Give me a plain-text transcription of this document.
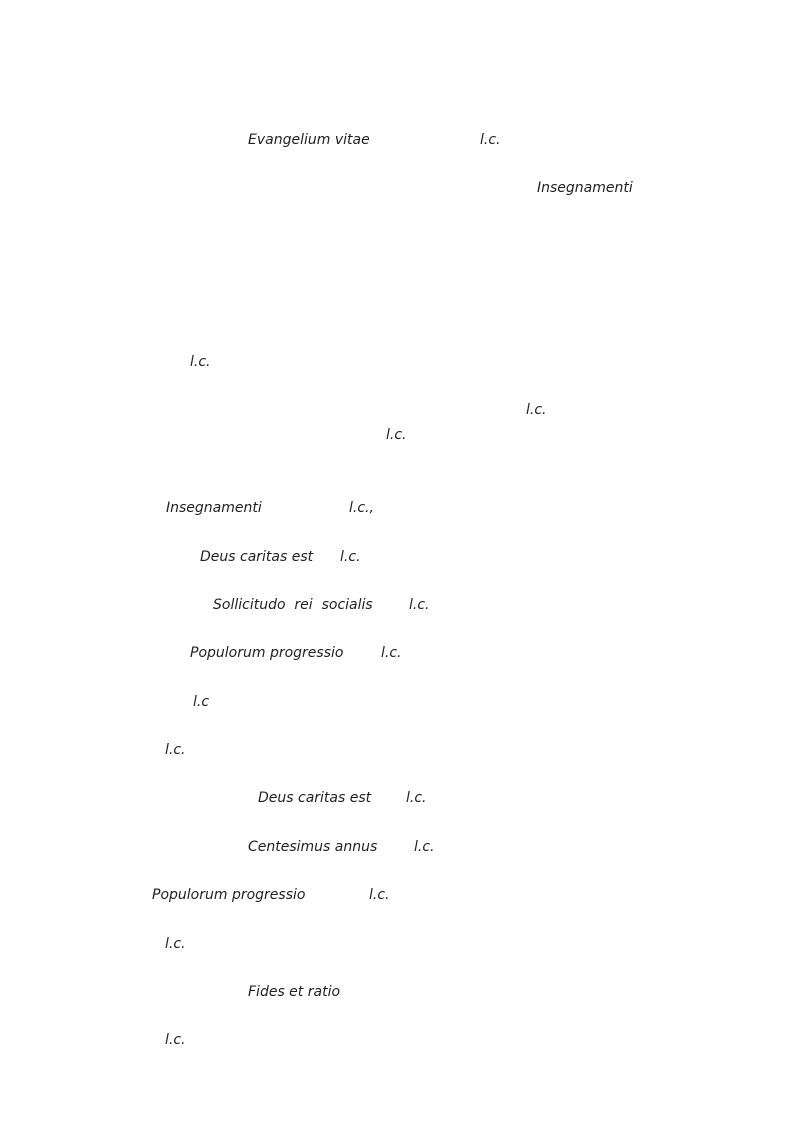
Evangelium vitae	l.c.
Insegnamenti
l.c.
l.c.
l.c.
Insegnamenti	l.c.,
Deus caritas est l.c.
Sollicitudo  rei  socialis	l.c.
Populorum progressio	l.c.
l.c
l.c.
Deus caritas est l.c.
Centesimus annus	l.c.
Populorum progressio	l.c.
l.c.
Fides et ratio
l.c.
